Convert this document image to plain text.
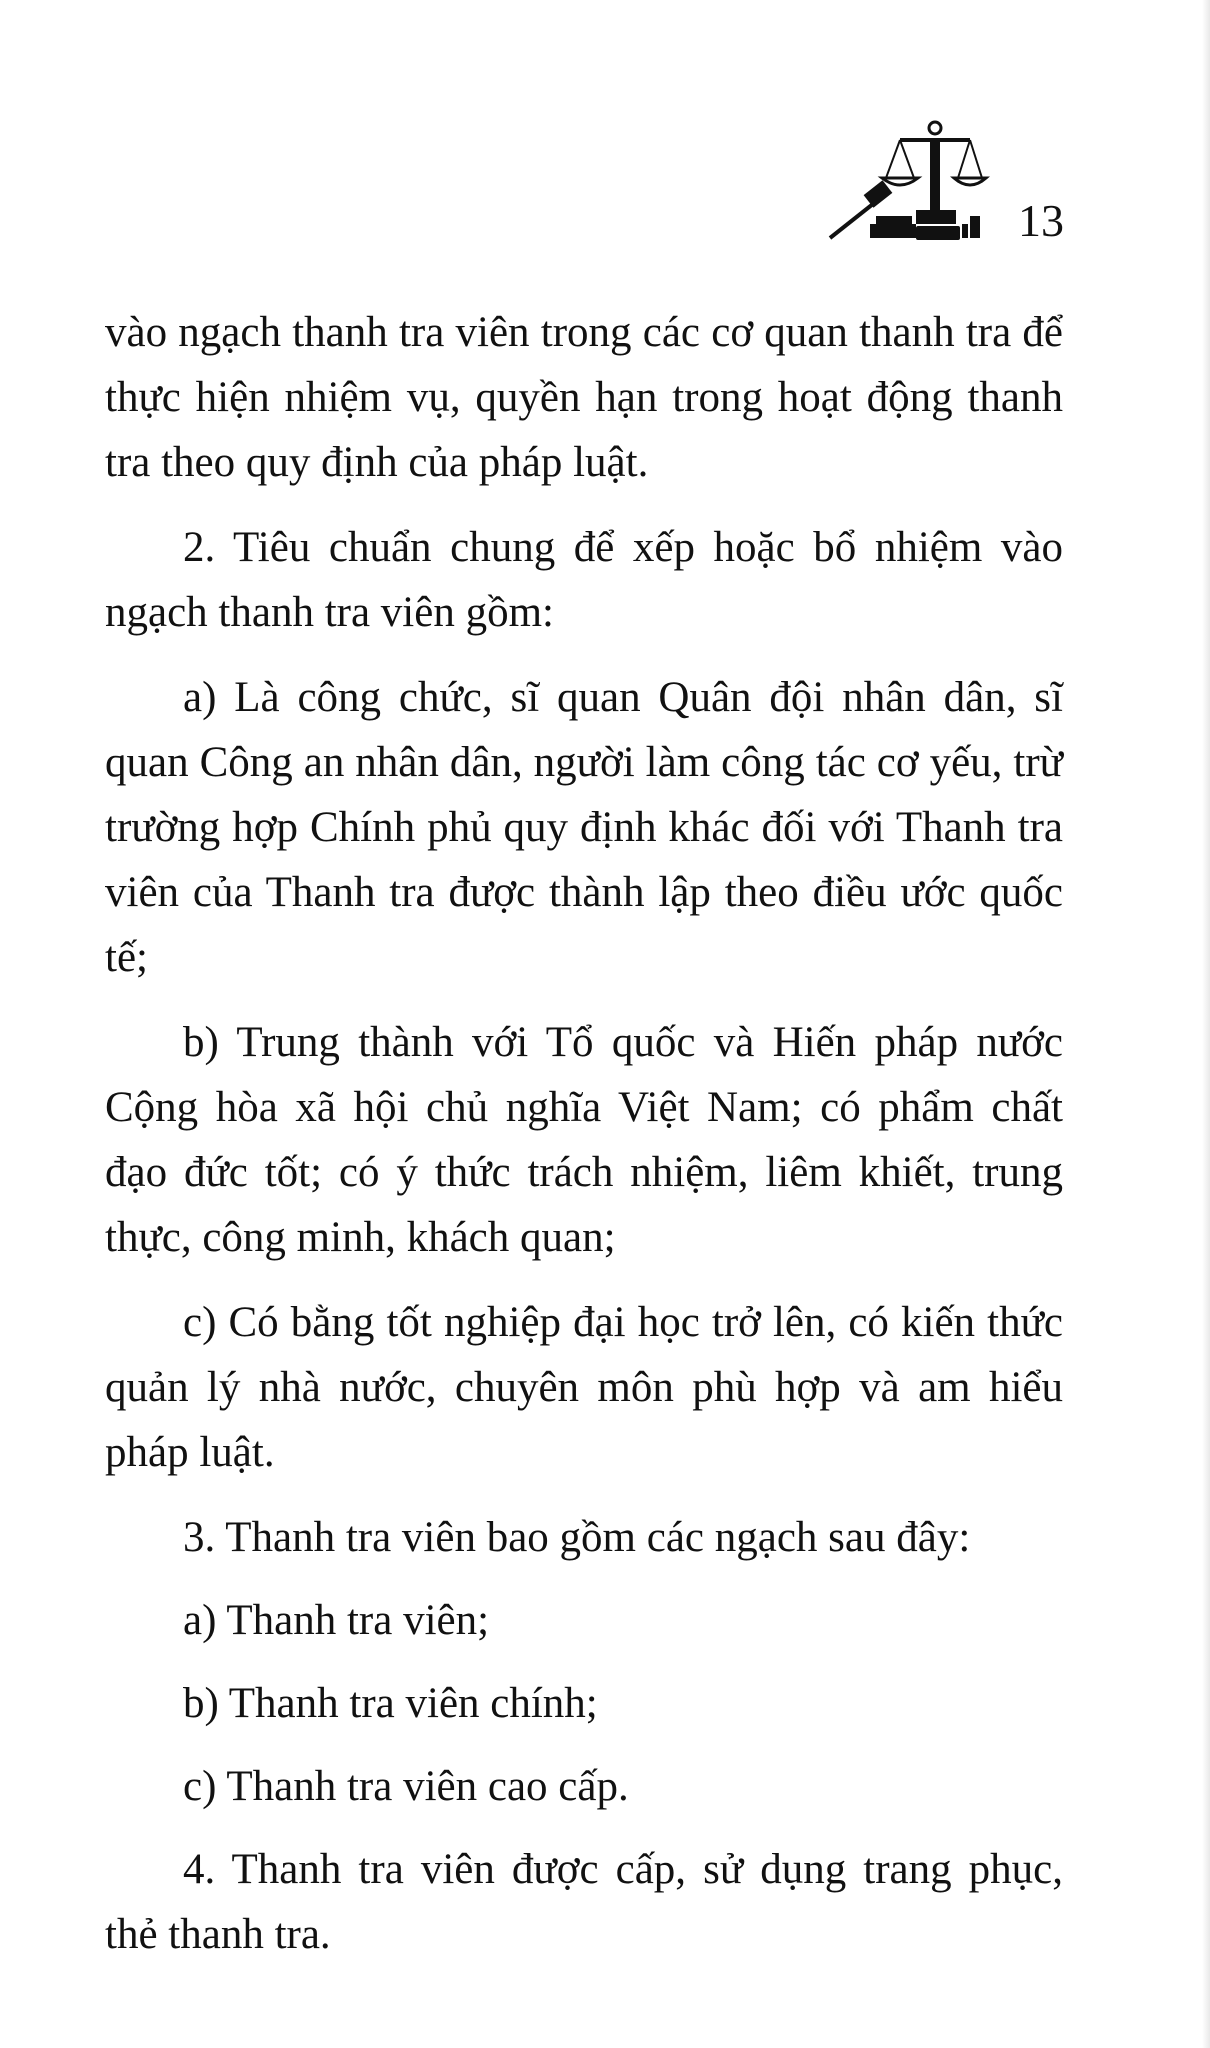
13

vào ngạch thanh tra viên trong các cơ quan thanh tra để thực hiện nhiệm vụ, quyền hạn trong hoạt động thanh tra theo quy định của pháp luật.

2. Tiêu chuẩn chung để xếp hoặc bổ nhiệm vào ngạch thanh tra viên gồm:

a) Là công chức, sĩ quan Quân đội nhân dân, sĩ quan Công an nhân dân, người làm công tác cơ yếu, trừ trường hợp Chính phủ quy định khác đối với Thanh tra viên của Thanh tra được thành lập theo điều ước quốc tế;

b) Trung thành với Tổ quốc và Hiến pháp nước Cộng hòa xã hội chủ nghĩa Việt Nam; có phẩm chất đạo đức tốt; có ý thức trách nhiệm, liêm khiết, trung thực, công minh, khách quan;

c) Có bằng tốt nghiệp đại học trở lên, có kiến thức quản lý nhà nước, chuyên môn phù hợp và am hiểu pháp luật.

3. Thanh tra viên bao gồm các ngạch sau đây:

a) Thanh tra viên;

b) Thanh tra viên chính;

c) Thanh tra viên cao cấp.

4. Thanh tra viên được cấp, sử dụng trang phục, thẻ thanh tra.
